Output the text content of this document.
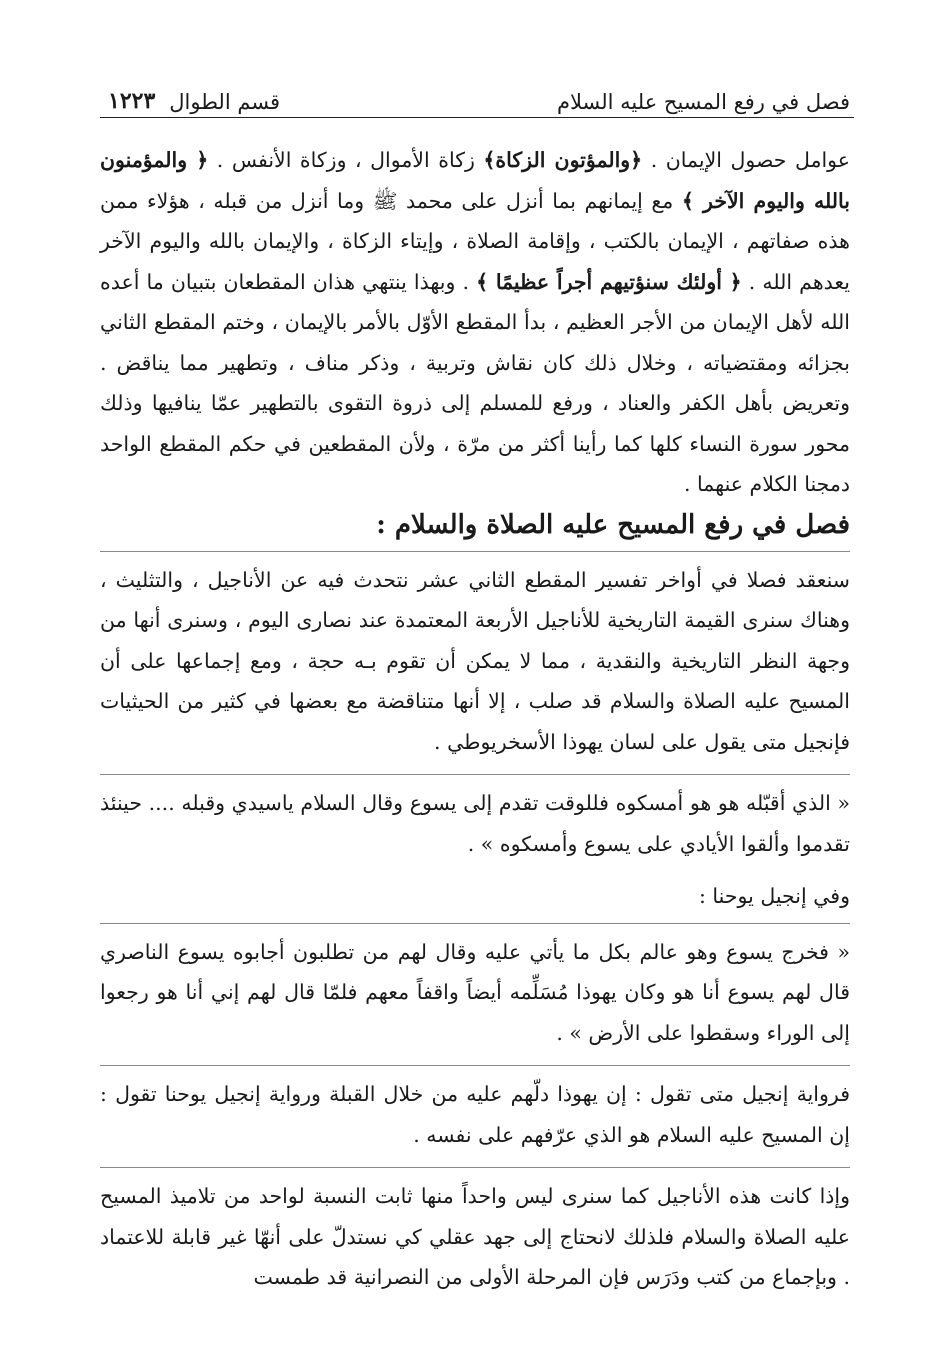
فصل في رفع المسيح عليه السلام
قسم الطوال
١٢٢٣

عوامل حصول الإيمان . ﴿والمؤتون الزكاة﴾ زكاة الأموال ، وزكاة الأنفس . ﴿ والمؤمنون بالله واليوم الآخر ﴾ مع إيمانهم بما أنزل على محمد ﷺ وما أنزل من قبله ، هؤلاء ممن هذه صفاتهم ، الإيمان بالكتب ، وإقامة الصلاة ، وإيتاء الزكاة ، والإيمان بالله واليوم الآخر يعدهم الله . ﴿ أولئك سنؤتيهم أجراً عظيمًا ﴾ . وبهذا ينتهي هذان المقطعان بتبيان ما أعده الله لأهل الإيمان من الأجر العظيم ، بدأ المقطع الأوّل بالأمر بالإيمان ، وختم المقطع الثاني بجزائه ومقتضياته ، وخلال ذلك كان نقاش وتربية ، وذكر مناف ، وتطهير مما يناقض . وتعريض بأهل الكفر والعناد ، ورفع للمسلم إلى ذروة التقوى بالتطهير عمّا ينافيها وذلك محور سورة النساء كلها كما رأينا أكثر من مرّة ، ولأن المقطعين في حكم المقطع الواحد دمجنا الكلام عنهما .

فصل في رفع المسيح عليه الصلاة والسلام :

سنعقد فصلا في أواخر تفسير المقطع الثاني عشر نتحدث فيه عن الأناجيل ، والتثليث ، وهناك سنرى القيمة التاريخية للأناجيل الأربعة المعتمدة عند نصارى اليوم ، وسنرى أنها من وجهة النظر التاريخية والنقدية ، مما لا يمكن أن تقوم بـه حجة ، ومع إجماعها على أن المسيح عليه الصلاة والسلام قد صلب ، إلا أنها متناقضة مع بعضها في كثير من الحيثيات فإنجيل متى يقول على لسان يهوذا الأسخريوطي .

« الذي أقبّله هو هو أمسكوه فللوقت تقدم إلى يسوع وقال السلام ياسيدي وقبله .... حينئذ تقدموا وألقوا الأيادي على يسوع وأمسكوه » .

وفي إنجيل يوحنا :

« فخرج يسوع وهو عالم بكل ما يأتي عليه وقال لهم من تطلبون أجابوه يسوع الناصري قال لهم يسوع أنا هو وكان يهوذا مُسَلِّمه أيضاً واقفاً معهم فلمّا قال لهم إني أنا هو رجعوا إلى الوراء وسقطوا على الأرض » .

فرواية إنجيل متى تقول : إن يهوذا دلّهم عليه من خلال القبلة ورواية إنجيل يوحنا تقول : إن المسيح عليه السلام هو الذي عرّفهم على نفسه .

وإذا كانت هذه الأناجيل كما سنرى ليس واحداً منها ثابت النسبة لواحد من تلاميذ المسيح عليه الصلاة والسلام فلذلك لانحتاج إلى جهد عقلي كي نستدلّ على أنهّا غير قابلة للاعتماد . وبإجماع من كتب ودَرَس فإن المرحلة الأولى من النصرانية قد طمست
